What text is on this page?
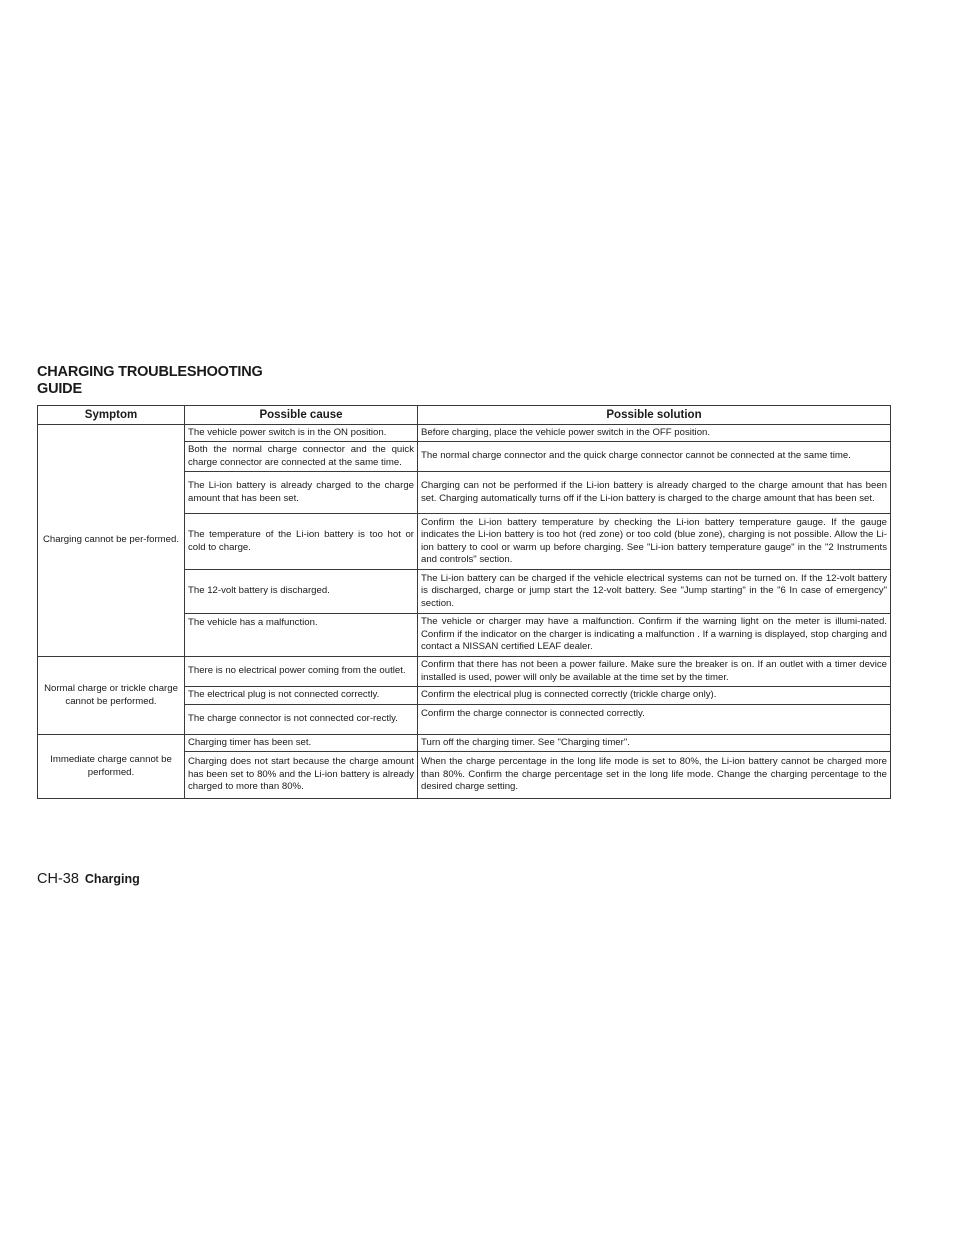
CHARGING TROUBLESHOOTING
GUIDE
Symptom	Possible cause	Possible solution
Charging cannot be per-formed.	The vehicle power switch is in the ON position.	Before charging, place the vehicle power switch in the OFF position.
	Both the normal charge connector and the quick charge connector are connected at the same time.	The normal charge connector and the quick charge connector cannot be connected at the same time.
	The Li-ion battery is already charged to the charge amount that has been set.	Charging can not be performed if the Li-ion battery is already charged to the charge amount that has been set. Charging automatically turns off if the Li-ion battery is charged to the charge amount that has been set.
	The temperature of the Li-ion battery is too hot or cold to charge.	Confirm the Li-ion battery temperature by checking the Li-ion battery temperature gauge. If the gauge indicates the Li-ion battery is too hot (red zone) or too cold (blue zone), charging is not possible. Allow the Li-ion battery to cool or warm up before charging. See "Li-ion battery temperature gauge" in the "2 Instruments and controls" section.
	The 12-volt battery is discharged.	The Li-ion battery can be charged if the vehicle electrical systems can not be turned on. If the 12-volt battery is discharged, charge or jump start the 12-volt battery. See "Jump starting" in the "6 In case of emergency" section.
	The vehicle has a malfunction.	The vehicle or charger may have a malfunction. Confirm if the warning light on the meter is illumi-nated. Confirm if the indicator on the charger is indicating a malfunction . If a warning is displayed, stop charging and contact a NISSAN certified LEAF dealer.
Normal charge or trickle charge cannot be performed.	There is no electrical power coming from the outlet.	Confirm that there has not been a power failure. Make sure the breaker is on. If an outlet with a timer device installed is used, power will only be available at the time set by the timer.
	The electrical plug is not connected correctly.	Confirm the electrical plug is connected correctly (trickle charge only).
	The charge connector is not connected cor-rectly.	Confirm the charge connector is connected correctly.
Immediate charge cannot be performed.	Charging timer has been set.	Turn off the charging timer. See "Charging timer".
	Charging does not start because the charge amount has been set to 80% and the Li-ion battery is already charged to more than 80%.	When the charge percentage in the long life mode is set to 80%, the Li-ion battery cannot be charged more than 80%. Confirm the charge percentage set in the long life mode. Change the charging percentage to the desired charge setting.
CH-38 Charging
